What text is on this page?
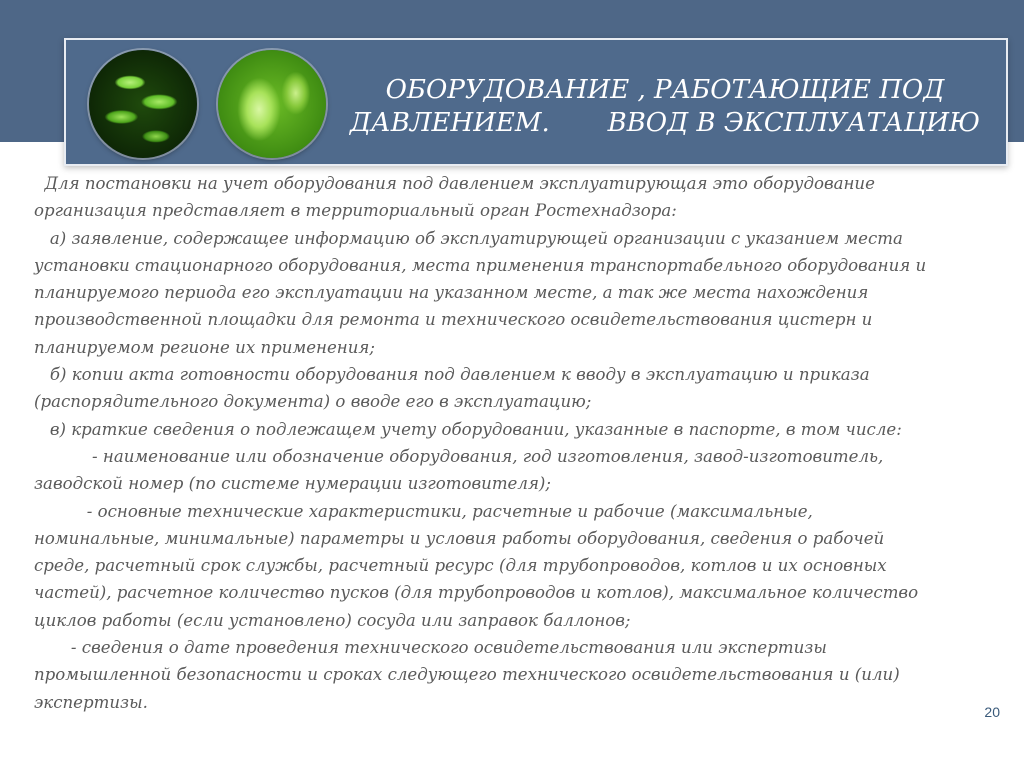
ОБОРУДОВАНИЕ , РАБОТАЮЩИЕ ПОД
ДАВЛЕНИЕМ.       ВВОД В ЭКСПЛУАТАЦИЮ
Для постановки на учет оборудования под давлением эксплуатирующая это оборудование
организация представляет в территориальный орган Ростехнадзора:
а) заявление, содержащее информацию об эксплуатирующей организации с указанием места
установки стационарного оборудования, места применения транспортабельного оборудования и
планируемого периода его эксплуатации на указанном месте, а так же места нахождения
производственной площадки для ремонта и технического освидетельствования цистерн и
планируемом регионе их применения;
б) копии акта готовности оборудования под давлением к вводу в эксплуатацию и приказа
(распорядительного документа) о вводе его в эксплуатацию;
в) краткие сведения о подлежащем учету оборудовании, указанные в паспорте, в том числе:
- наименование или обозначение оборудования, год изготовления, завод-изготовитель,
заводской номер (по системе нумерации изготовителя);
- основные технические характеристики, расчетные и рабочие (максимальные,
номинальные, минимальные) параметры и условия работы оборудования, сведения о рабочей
среде, расчетный срок службы, расчетный ресурс (для трубопроводов, котлов и их основных
частей), расчетное количество пусков (для трубопроводов и котлов), максимальное количество
циклов работы (если установлено) сосуда или заправок баллонов;
- сведения о дате проведения технического освидетельствования или экспертизы
промышленной безопасности и сроках следующего технического освидетельствования и (или)
экспертизы.
20
